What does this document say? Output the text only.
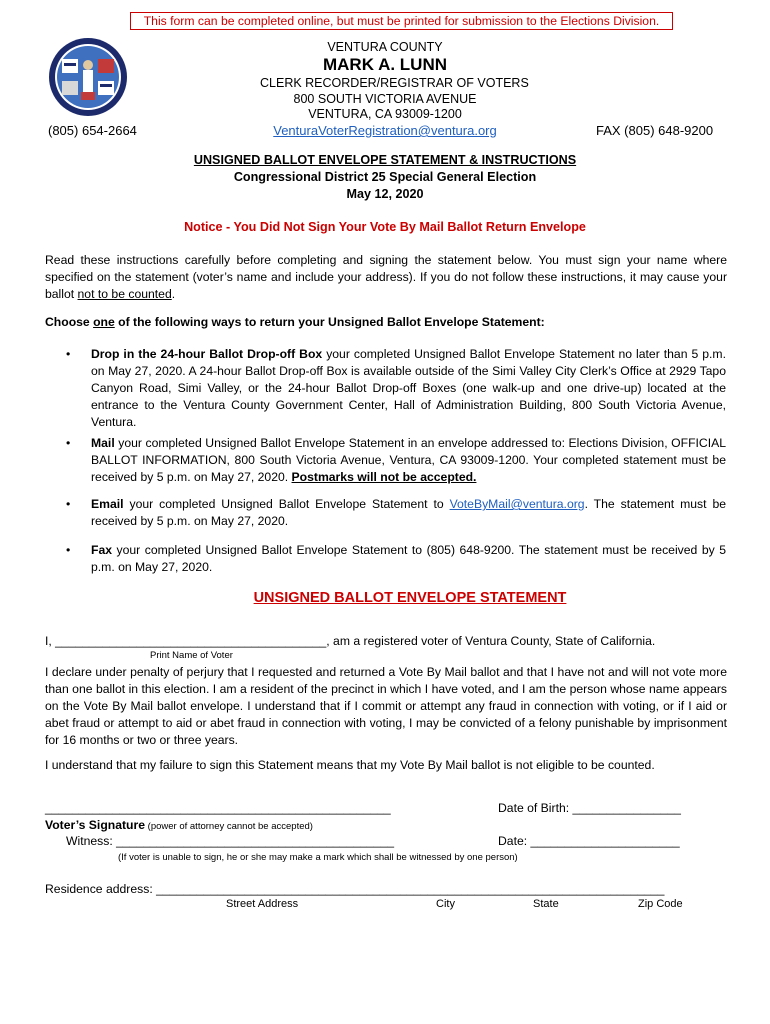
This form can be completed online, but must be printed for submission to the Elections Division.
VENTURA COUNTY
MARK A. LUNN
CLERK RECORDER/REGISTRAR OF VOTERS
800 SOUTH VICTORIA AVENUE
VENTURA, CA 93009-1200
VenturaVoterRegistration@ventura.org
(805) 654-2664	FAX (805) 648-9200
UNSIGNED BALLOT ENVELOPE STATEMENT & INSTRUCTIONS
Congressional District 25 Special General Election
May 12, 2020
Notice - You Did Not Sign Your Vote By Mail Ballot Return Envelope
Read these instructions carefully before completing and signing the statement below. You must sign your name where specified on the statement (voter’s name and include your address). If you do not follow these instructions, it may cause your ballot not to be counted.
Choose one of the following ways to return your Unsigned Ballot Envelope Statement:
• Drop in the 24-hour Ballot Drop-off Box your completed Unsigned Ballot Envelope Statement no later than 5 p.m. on May 27, 2020. A 24-hour Ballot Drop-off Box is available outside of the Simi Valley City Clerk’s Office at 2929 Tapo Canyon Road, Simi Valley, or the 24-hour Ballot Drop-off Boxes (one walk-up and one drive-up) located at the entrance to the Ventura County Government Center, Hall of Administration Building, 800 South Victoria Avenue, Ventura.
• Mail your completed Unsigned Ballot Envelope Statement in an envelope addressed to: Elections Division, OFFICIAL BALLOT INFORMATION, 800 South Victoria Avenue, Ventura, CA 93009-1200. Your completed statement must be received by 5 p.m. on May 27, 2020. Postmarks will not be accepted.
• Email your completed Unsigned Ballot Envelope Statement to VoteByMail@ventura.org. The statement must be received by 5 p.m. on May 27, 2020.
• Fax your completed Unsigned Ballot Envelope Statement to (805) 648-9200. The statement must be received by 5 p.m. on May 27, 2020.
UNSIGNED BALLOT ENVELOPE STATEMENT
I, ________________________________________, am a registered voter of Ventura County, State of California.
Print Name of Voter
I declare under penalty of perjury that I requested and returned a Vote By Mail ballot and that I have not and will not vote more than one ballot in this election. I am a resident of the precinct in which I have voted, and I am the person whose name appears on the Vote By Mail ballot envelope. I understand that if I commit or attempt any fraud in connection with voting, or if I aid or abet fraud or attempt to aid or abet fraud in connection with voting, I may be convicted of a felony punishable by imprisonment for 16 months or two or three years.
I understand that my failure to sign this Statement means that my Vote By Mail ballot is not eligible to be counted.
___________________________________________________	Date of Birth: ________________
Voter’s Signature (power of attorney cannot be accepted)
Witness: _________________________________________	Date: ______________________
(If voter is unable to sign, he or she may make a mark which shall be witnessed by one person)
Residence address: ___________________________________________________________________________
Street Address	City	State	Zip Code
